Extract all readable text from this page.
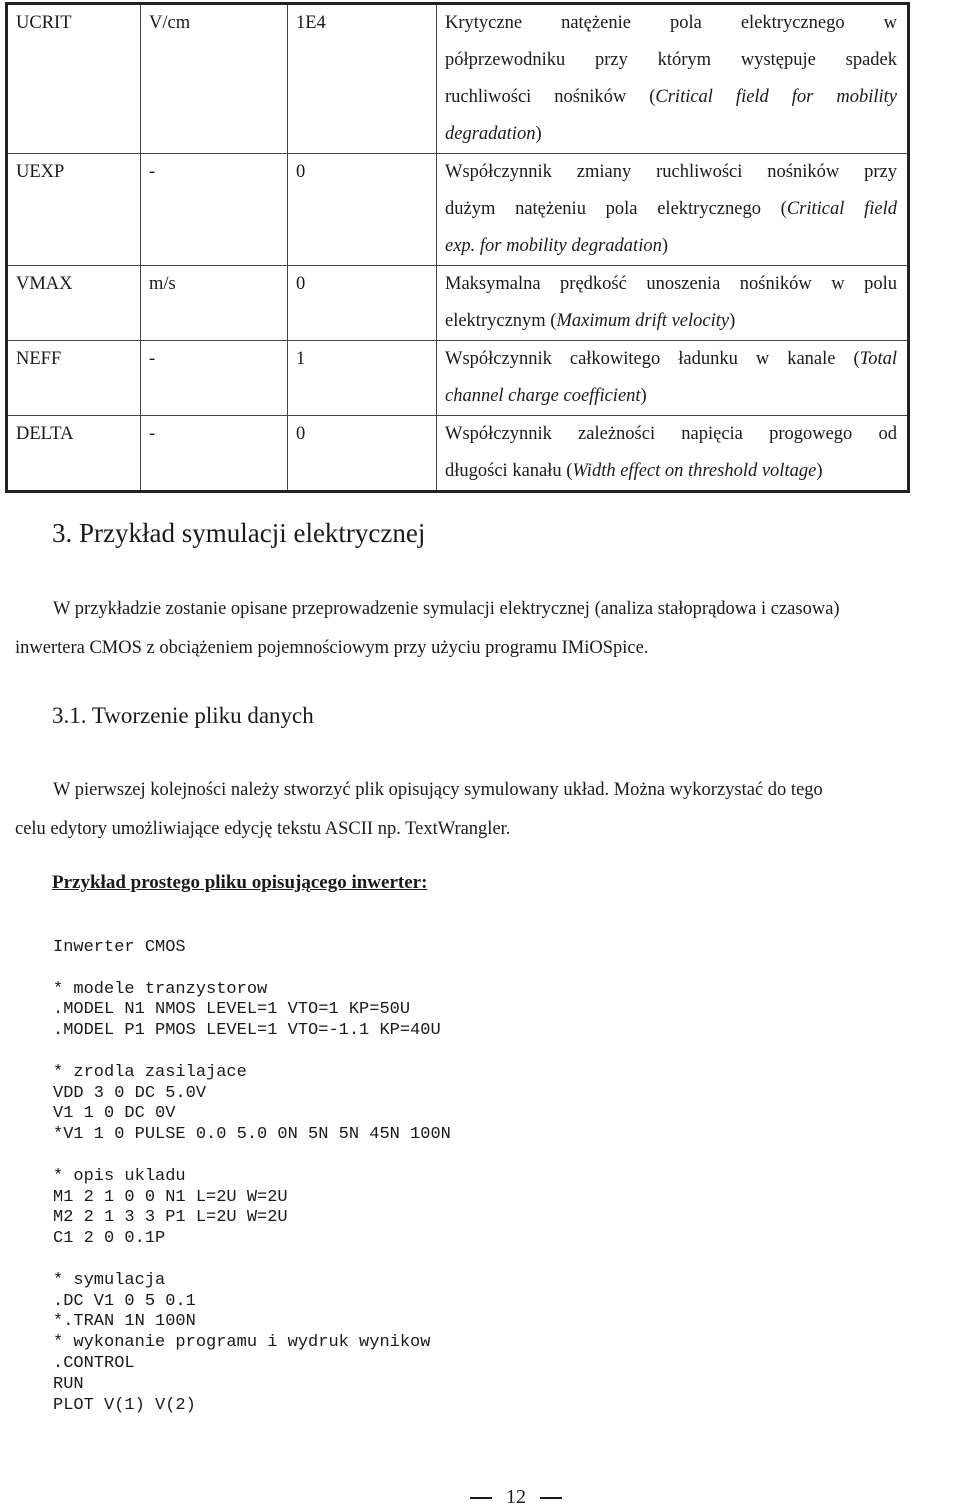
UCRIT	V/cm	1E4	Krytyczne natężenie pola elektrycznego w
półprzewodniku przy którym występuje spadek
ruchliwości nośników (Critical field for mobility
degradation)

UEXP	-	0	Współczynnik zmiany ruchliwości nośników przy
dużym natężeniu pola elektrycznego (Critical field
exp. for mobility degradation)

VMAX	m/s	0	Maksymalna prędkość unoszenia nośników w polu
elektrycznym (Maximum drift velocity)

NEFF	-	1	Współczynnik całkowitego ładunku w kanale (Total
channel charge coefficient)

DELTA	-	0	Współczynnik zależności napięcia progowego od
długości kanału (Width effect on threshold voltage)
3. Przykład symulacji elektrycznej

W przykładzie zostanie opisane przeprowadzenie symulacji elektrycznej (analiza stałoprądowa i czasowa)
inwertera CMOS z obciążeniem pojemnościowym przy użyciu programu IMiOSpice.

3.1. Tworzenie pliku danych

W pierwszej kolejności należy stworzyć plik opisujący symulowany układ. Można wykorzystać do tego
celu edytory umożliwiające edycję tekstu ASCII np. TextWrangler.

Przykład prostego pliku opisującego inwerter:

Inwerter CMOS
* modele tranzystorow
.MODEL N1 NMOS LEVEL=1 VTO=1 KP=50U
.MODEL P1 PMOS LEVEL=1 VTO=-1.1 KP=40U
* zrodla zasilajace
VDD 3 0 DC 5.0V
V1 1 0 DC 0V
*V1 1 0 PULSE 0.0 5.0 0N 5N 5N 45N 100N
* opis ukladu
M1 2 1 0 0 N1 L=2U W=2U
M2 2 1 3 3 P1 L=2U W=2U
C1 2 0 0.1P
* symulacja
.DC V1 0 5 0.1
*.TRAN 1N 100N
* wykonanie programu i wydruk wynikow
.CONTROL
RUN
PLOT V(1) V(2)
12
